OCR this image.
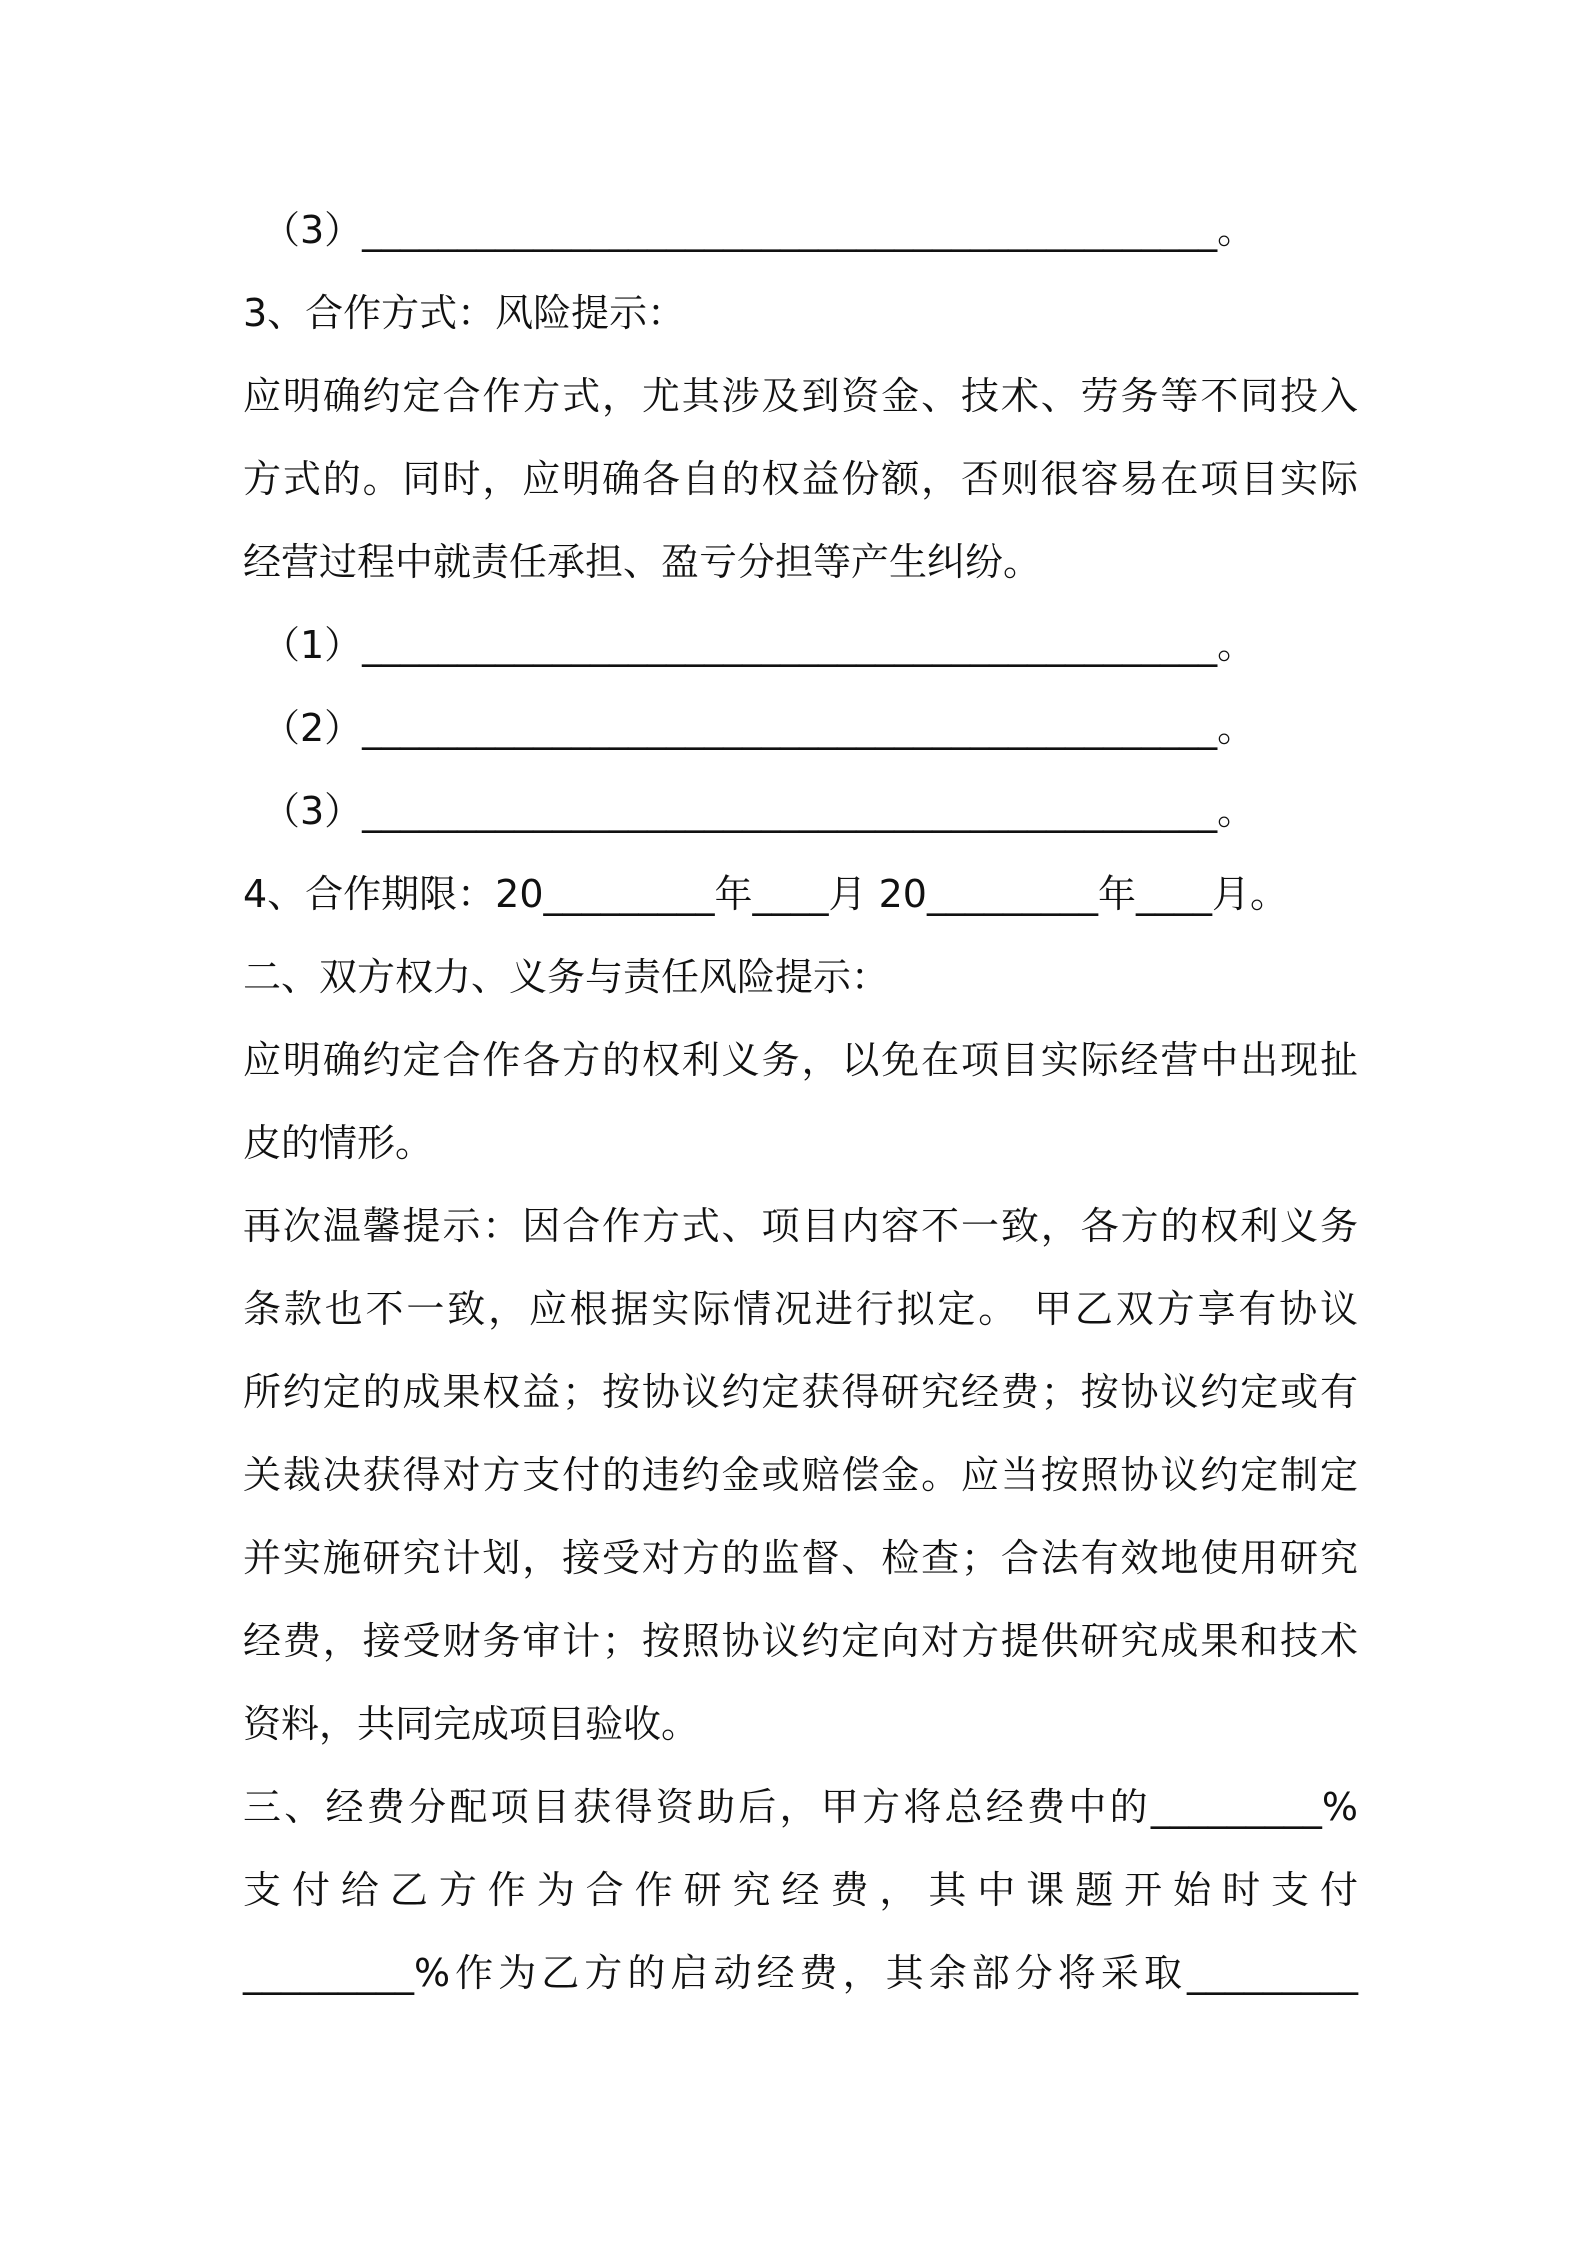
（3）_____________________________________________。
3、合作方式：风险提示：
应明确约定合作方式，尤其涉及到资金、技术、劳务等不同投入
方式的。同时，应明确各自的权益份额，否则很容易在项目实际
经营过程中就责任承担、盈亏分担等产生纠纷。
（1）_____________________________________________。
（2）_____________________________________________。
（3）_____________________________________________。
4、合作期限：20_________年____月 20_________年____月。
二、双方权力、义务与责任风险提示：
应明确约定合作各方的权利义务，以免在项目实际经营中出现扯
皮的情形。
再次温馨提示：因合作方式、项目内容不一致，各方的权利义务
条款也不一致，应根据实际情况进行拟定。 甲乙双方享有协议
所约定的成果权益；按协议约定获得研究经费；按协议约定或有
关裁决获得对方支付的违约金或赔偿金。应当按照协议约定制定
并实施研究计划，接受对方的监督、检查；合法有效地使用研究
经费，接受财务审计；按照协议约定向对方提供研究成果和技术
资料，共同完成项目验收。
三、经费分配项目获得资助后，甲方将总经费中的_________%
支付给乙方作为合作研究经费，其中课题开始时支付
_________%作为乙方的启动经费，其余部分将采取_________
